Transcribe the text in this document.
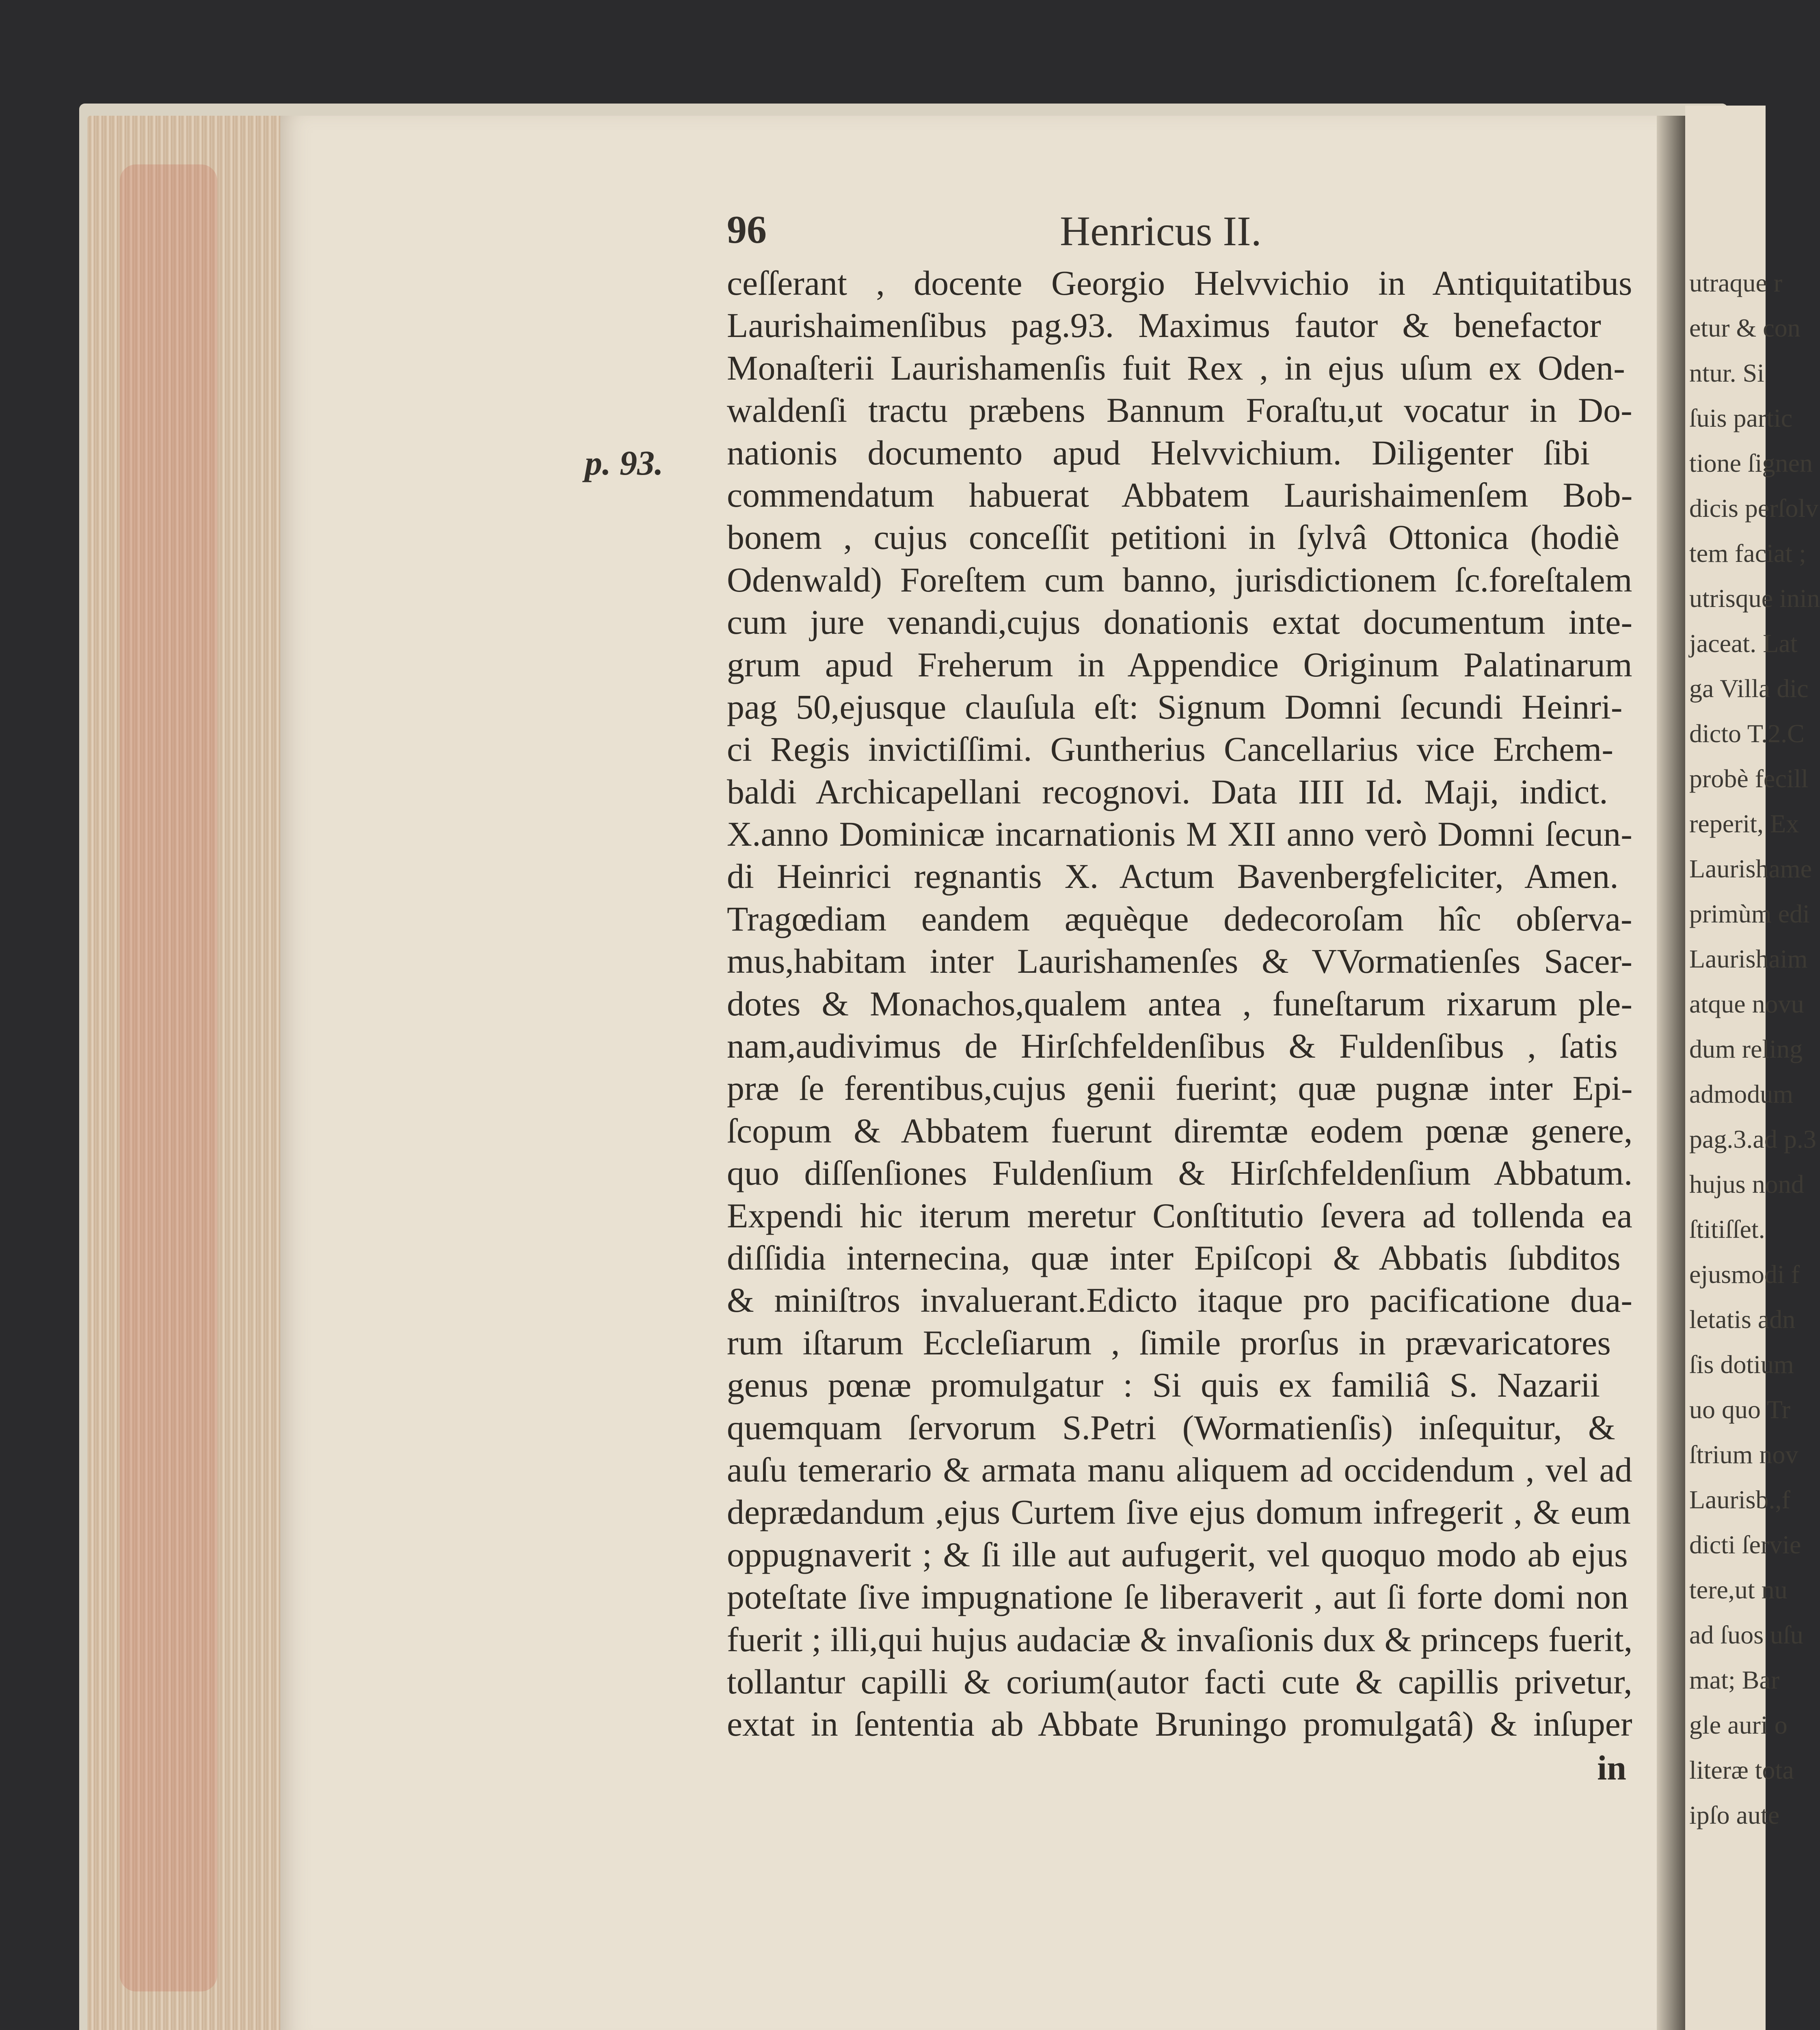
utraque r
etur & con
ntur. Si
ſuis partic
tione ſignen
dicis perſolv
tem faciat ;
utrisque inin
jaceat. Lat
ga Villa dic
dicto T.2.C
probè fecill
reperit, Ex
Laurishame
primùm edi
Laurishaim
atque novu
dum reling
admodum
pag.3.ad p.3
hujus nond
ſtitiſſet.
ejusmodi f
letatis adn
ſis dotium
uo quo Tr
ſtrium nov
Laurisb.,f
dicti ſervie
tere,ut nu
ad ſuos uſu
mat; Bar
gle auri o
literæ tota
ipſo aute
96	Henricus II.
p. 93.
ceſſerant , docente Georgio Helvvichio in Antiquitatibus
Laurishaimenſibus pag.93. Maximus fautor & benefactor
Monaſterii Laurishamenſis fuit Rex , in ejus uſum ex Oden-
waldenſi tractu præbens Bannum Foraſtu,ut vocatur in Do-
nationis documento apud Helvvichium. Diligenter ſibi
commendatum habuerat Abbatem Laurishaimenſem Bob-
bonem , cujus conceſſit petitioni in ſylvâ Ottonica (hodiè
Odenwald) Foreſtem cum banno, jurisdictionem ſc.foreſtalem
cum jure venandi,cujus donationis extat documentum inte-
grum apud Freherum in Appendice Originum Palatinarum
pag 50,ejusque clauſula eſt: Signum Domni ſecundi Heinri-
ci Regis invictiſſimi. Guntherius Cancellarius vice Erchem-
baldi Archicapellani recognovi. Data IIII Id. Maji, indict.
X.anno Dominicæ incarnationis M XII anno verò Domni ſecun-
di Heinrici regnantis X. Actum Bavenbergfeliciter, Amen.
Tragœdiam eandem æquèque dedecoroſam hîc obſerva-
mus,habitam inter Laurishamenſes & VVormatienſes Sacer-
dotes & Monachos,qualem antea , funeſtarum rixarum ple-
nam,audivimus de Hirſchfeldenſibus & Fuldenſibus , ſatis
præ ſe ferentibus,cujus genii fuerint; quæ pugnæ inter Epi-
ſcopum & Abbatem fuerunt diremtæ eodem pœnæ genere,
quo diſſenſiones Fuldenſium & Hirſchfeldenſium Abbatum.
Expendi hic iterum meretur Conſtitutio ſevera ad tollenda ea
diſſidia internecina, quæ inter Epiſcopi & Abbatis ſubditos
& miniſtros invaluerant.Edicto itaque pro pacificatione dua-
rum iſtarum Eccleſiarum , ſimile prorſus in prævaricatores
genus pœnæ promulgatur : Si quis ex familiâ S. Nazarii
quemquam ſervorum S.Petri (Wormatienſis) inſequitur, &
auſu temerario & armata manu aliquem ad occidendum , vel ad
deprædandum ,ejus Curtem ſive ejus domum infregerit , & eum
oppugnaverit ; & ſi ille aut aufugerit, vel quoquo modo ab ejus
poteſtate ſive impugnatione ſe liberaverit , aut ſi forte domi non
fuerit ; illi,qui hujus audaciæ & invaſionis dux & princeps fuerit,
tollantur capilli & corium(autor facti cute & capillis privetur,
extat in ſententia ab Abbate Bruningo promulgatâ) & inſuper
in
